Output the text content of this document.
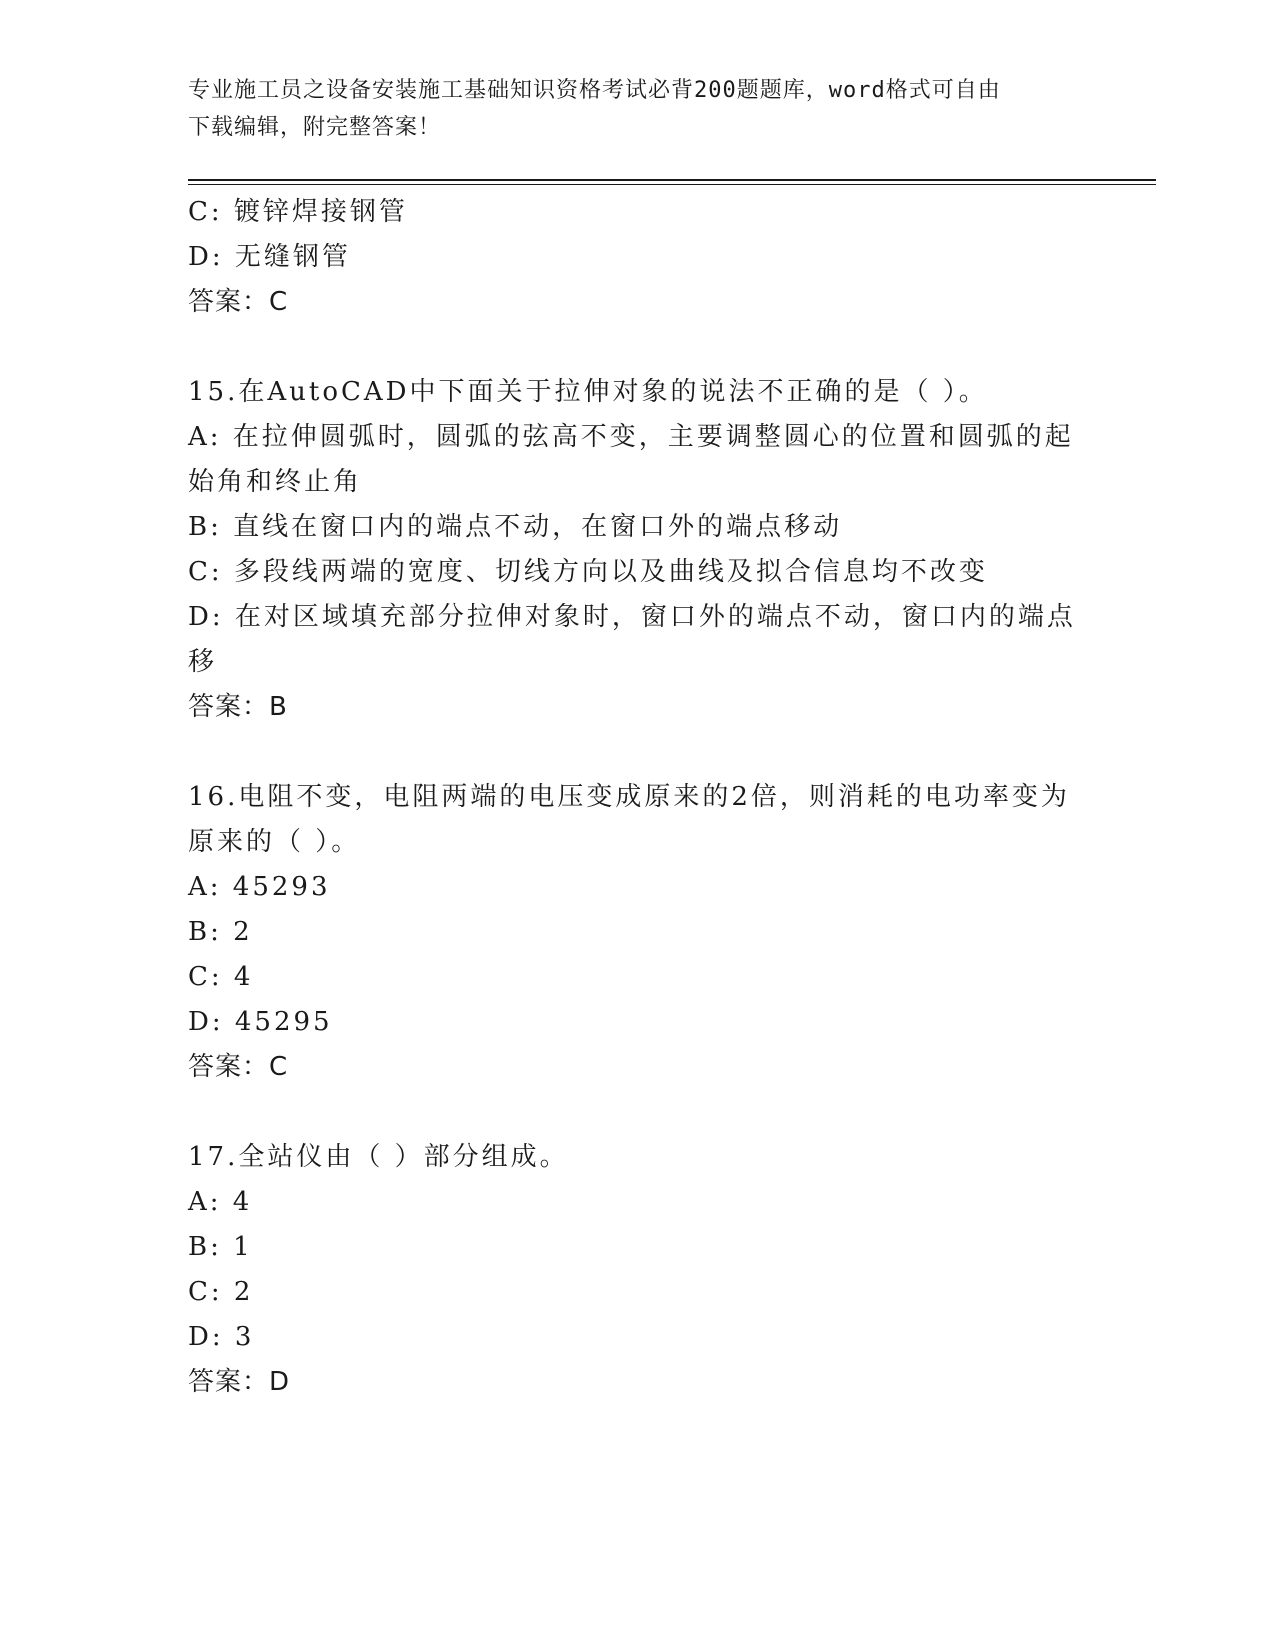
专业施工员之设备安装施工基础知识资格考试必背200题题库，word格式可自由
下载编辑，附完整答案！
C: 镀锌焊接钢管
D: 无缝钢管
答案：C
15.在AutoCAD中下面关于拉伸对象的说法不正确的是（ ）。
A: 在拉伸圆弧时，圆弧的弦高不变，主要调整圆心的位置和圆弧的起
始角和终止角
B: 直线在窗口内的端点不动，在窗口外的端点移动
C: 多段线两端的宽度、切线方向以及曲线及拟合信息均不改变
D: 在对区域填充部分拉伸对象时，窗口外的端点不动，窗口内的端点
移
答案：B
16.电阻不变，电阻两端的电压变成原来的2倍，则消耗的电功率变为
原来的（ ）。
A: 45293
B: 2
C: 4
D: 45295
答案：C
17.全站仪由（ ）部分组成。
A: 4
B: 1
C: 2
D: 3
答案：D
